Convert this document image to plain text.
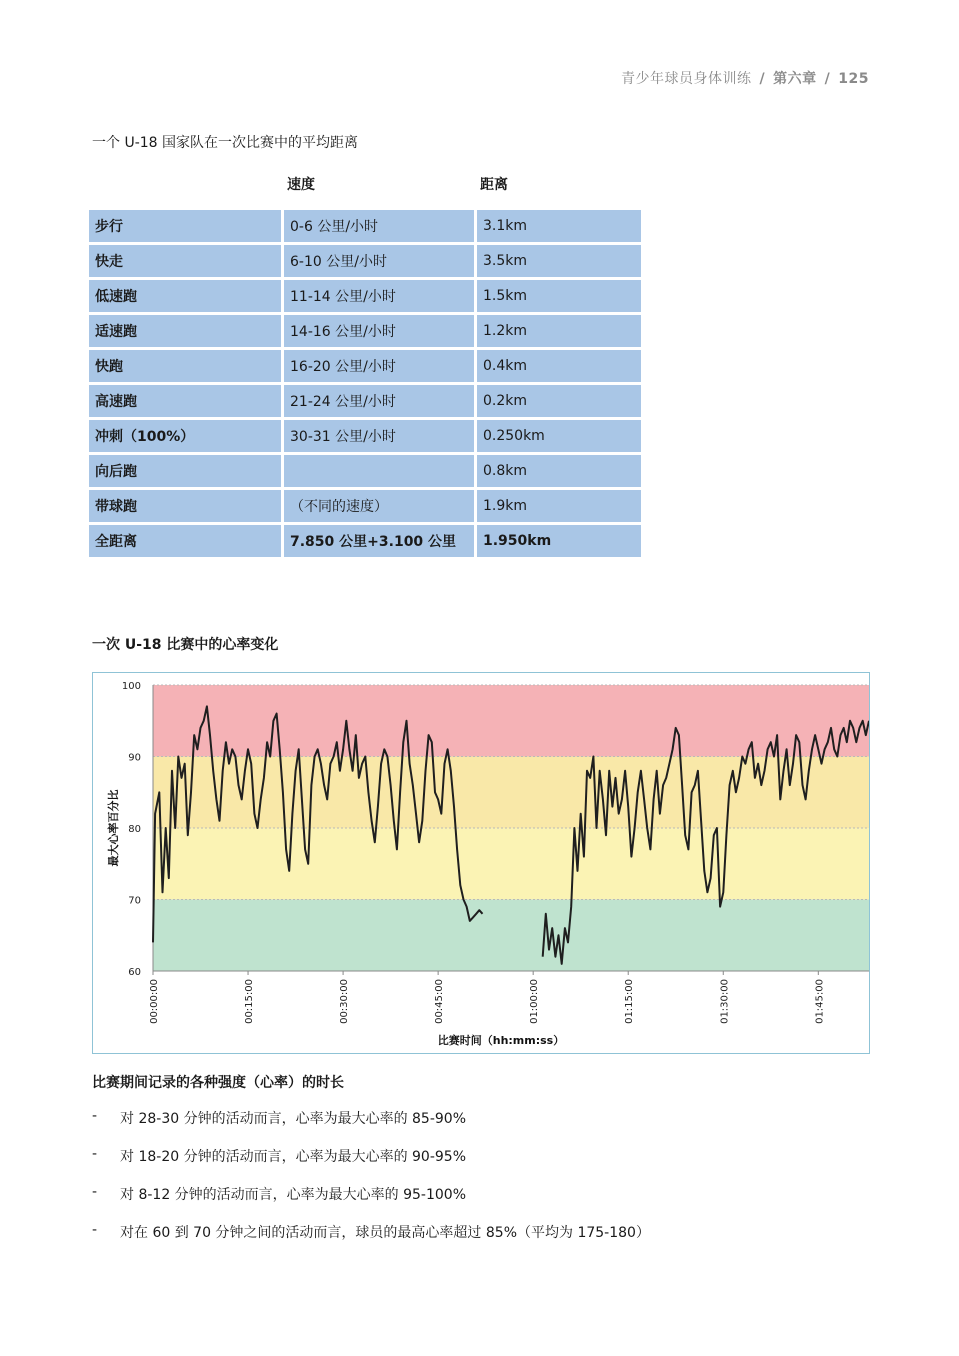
青少年球员身体训练 / 第六章 / 125
一个 U-18 国家队在一次比赛中的平均距离
速度	距离
步行	0-6 公里/小时	3.1km
快走	6-10 公里/小时	3.5km
低速跑	11-14 公里/小时	1.5km
适速跑	14-16 公里/小时	1.2km
快跑	16-20 公里/小时	0.4km
高速跑	21-24 公里/小时	0.2km
冲刺（100%）	30-31 公里/小时	0.250km
向后跑		0.8km
带球跑	（不同的速度）	1.9km
全距离	7.850 公里+3.100 公里	1.950km
一次 U-18 比赛中的心率变化
60
70
80
90
100
00:00:00	00:15:00	00:30:00	00:45:00	01:00:00	01:15:00	01:30:00	01:45:00
最大心率百分比
比赛时间（hh:mm:ss）
比赛期间记录的各种强度（心率）的时长
- 对 28-30 分钟的活动而言，心率为最大心率的 85-90%
- 对 18-20 分钟的活动而言，心率为最大心率的 90-95%
- 对 8-12 分钟的活动而言，心率为最大心率的 95-100%
- 对在 60 到 70 分钟之间的活动而言，球员的最高心率超过 85%（平均为 175-180）
